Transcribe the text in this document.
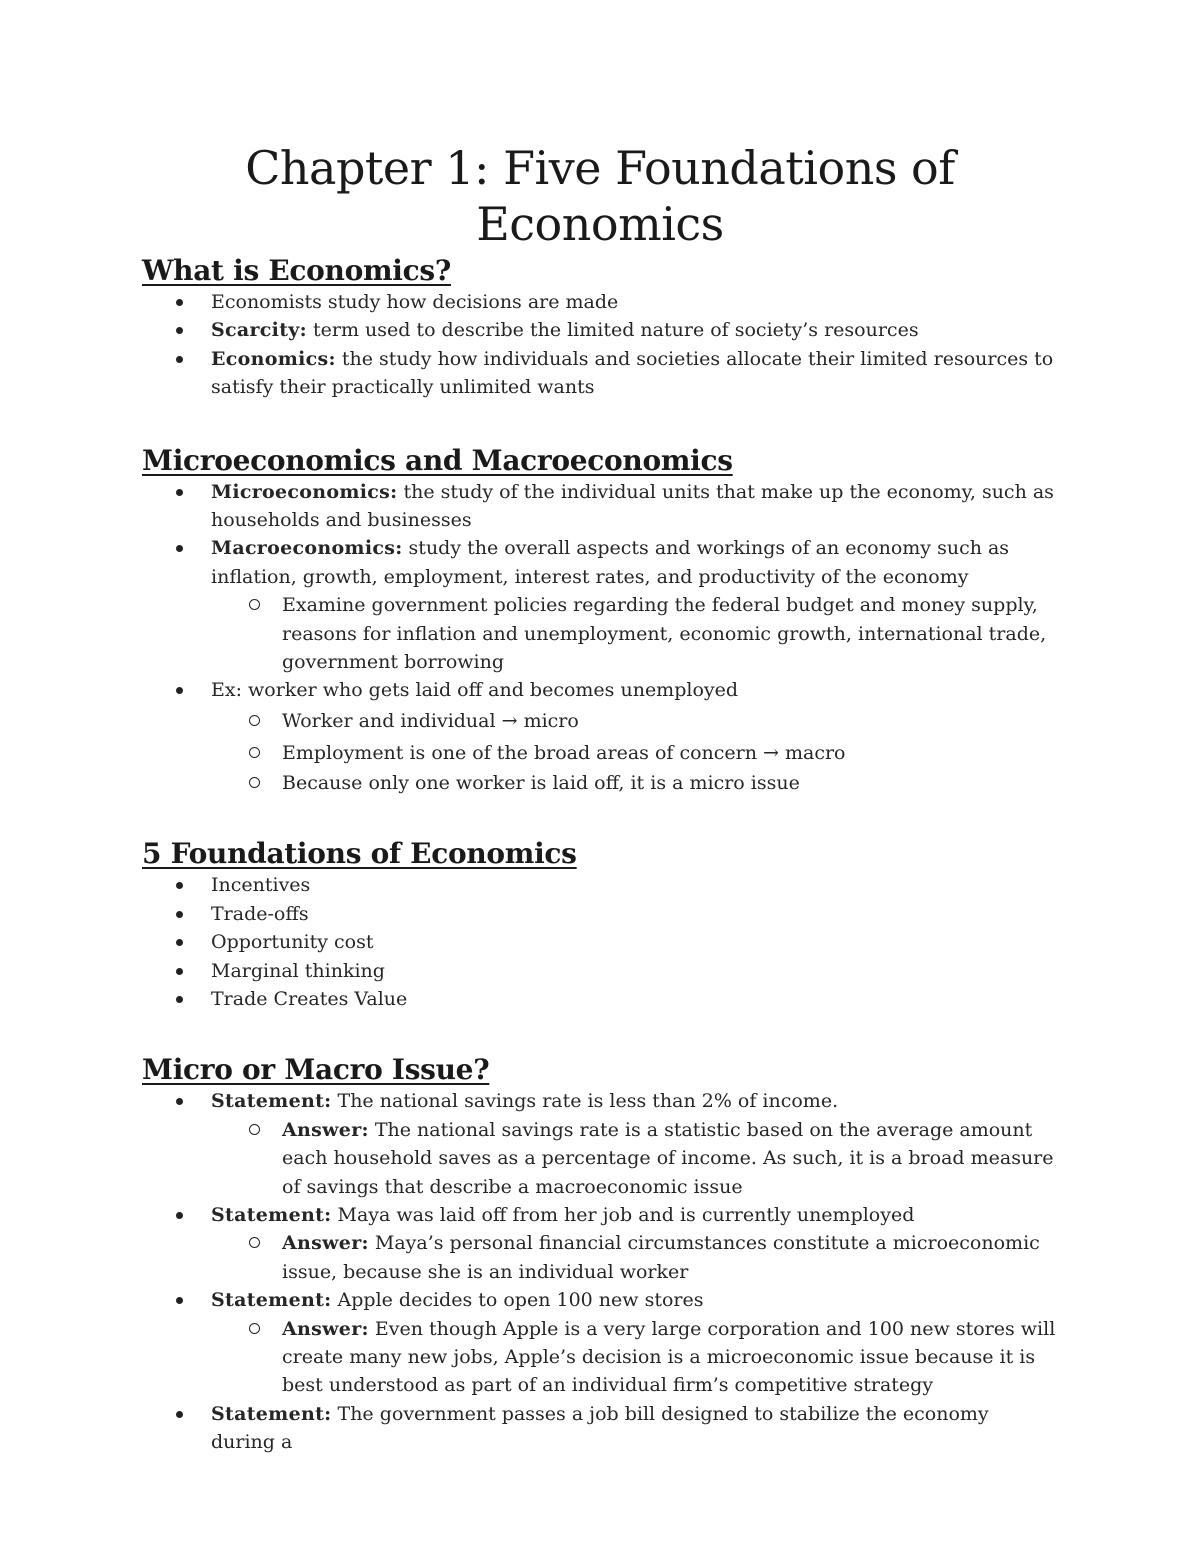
Chapter 1: Five Foundations of
Economics
What is Economics?
Economists study how decisions are made
Scarcity: term used to describe the limited nature of society’s resources
Economics: the study how individuals and societies allocate their limited resources to satisfy their practically unlimited wants
Microeconomics and Macroeconomics
Microeconomics: the study of the individual units that make up the economy, such as households and businesses
Macroeconomics: study the overall aspects and workings of an economy such as inflation, growth, employment, interest rates, and productivity of the economy
Examine government policies regarding the federal budget and money supply, reasons for inflation and unemployment, economic growth, international trade, government borrowing
Ex: worker who gets laid off and becomes unemployed
Worker and individual → micro
Employment is one of the broad areas of concern → macro
Because only one worker is laid off, it is a micro issue
5 Foundations of Economics
Incentives
Trade-offs
Opportunity cost
Marginal thinking
Trade Creates Value
Micro or Macro Issue?
Statement: The national savings rate is less than 2% of income.
Answer: The national savings rate is a statistic based on the average amount each household saves as a percentage of income. As such, it is a broad measure of savings that describe a macroeconomic issue
Statement: Maya was laid off from her job and is currently unemployed
Answer: Maya’s personal financial circumstances constitute a microeconomic issue, because she is an individual worker
Statement: Apple decides to open 100 new stores
Answer: Even though Apple is a very large corporation and 100 new stores will create many new jobs, Apple’s decision is a microeconomic issue because it is best understood as part of an individual firm’s competitive strategy
Statement: The government passes a job bill designed to stabilize the economy during a
